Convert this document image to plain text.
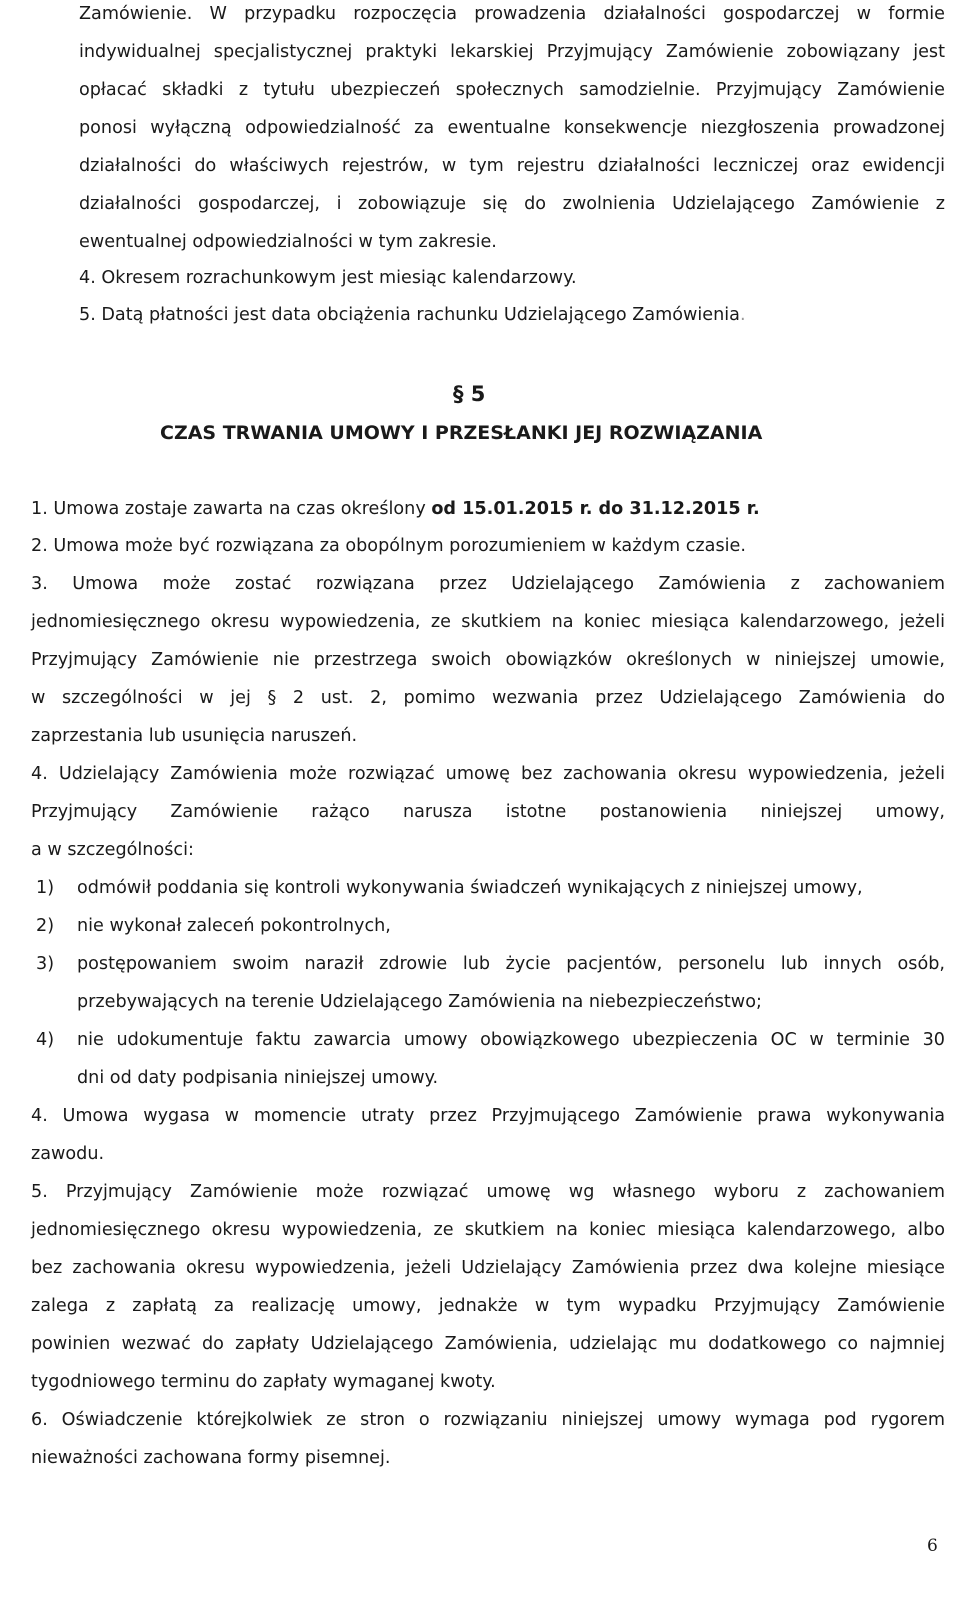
Zamówienie. W przypadku rozpoczęcia prowadzenia działalności gospodarczej w formie
indywidualnej specjalistycznej praktyki lekarskiej Przyjmujący Zamówienie zobowiązany jest
opłacać składki z tytułu ubezpieczeń społecznych samodzielnie. Przyjmujący Zamówienie
ponosi wyłączną odpowiedzialność za ewentualne konsekwencje niezgłoszenia prowadzonej
działalności do właściwych rejestrów, w tym rejestru działalności leczniczej oraz ewidencji
działalności gospodarczej, i zobowiązuje się do zwolnienia Udzielającego Zamówienie z
ewentualnej odpowiedzialności w tym zakresie.
4. Okresem rozrachunkowym jest miesiąc kalendarzowy.
5. Datą płatności jest data obciążenia rachunku Udzielającego Zamówienia.
§ 5
CZAS TRWANIA UMOWY I PRZESŁANKI JEJ ROZWIĄZANIA
1. Umowa zostaje zawarta na czas określony od 15.01.2015 r. do 31.12.2015 r.
2. Umowa może być rozwiązana za obopólnym porozumieniem w każdym czasie.
3. Umowa może zostać rozwiązana przez Udzielającego Zamówienia z zachowaniem
jednomiesięcznego okresu wypowiedzenia, ze skutkiem na koniec miesiąca kalendarzowego, jeżeli
Przyjmujący Zamówienie nie przestrzega swoich obowiązków określonych w niniejszej umowie,
w szczególności w jej § 2 ust. 2, pomimo wezwania przez Udzielającego Zamówienia do
zaprzestania lub usunięcia naruszeń.
4. Udzielający Zamówienia może rozwiązać umowę bez zachowania okresu wypowiedzenia, jeżeli
Przyjmujący Zamówienie rażąco narusza istotne postanowienia niniejszej umowy,
a w szczególności:
1) odmówił poddania się kontroli wykonywania świadczeń wynikających z niniejszej umowy,
2) nie wykonał zaleceń pokontrolnych,
3) postępowaniem swoim naraził zdrowie lub życie pacjentów, personelu lub innych osób,
przebywających na terenie Udzielającego Zamówienia na niebezpieczeństwo;
4) nie udokumentuje faktu zawarcia umowy obowiązkowego ubezpieczenia OC w terminie 30
dni od daty podpisania niniejszej umowy.
4. Umowa wygasa w momencie utraty przez Przyjmującego Zamówienie prawa wykonywania
zawodu.
5. Przyjmujący Zamówienie może rozwiązać umowę wg własnego wyboru z zachowaniem
jednomiesięcznego okresu wypowiedzenia, ze skutkiem na koniec miesiąca kalendarzowego, albo
bez zachowania okresu wypowiedzenia, jeżeli Udzielający Zamówienia przez dwa kolejne miesiące
zalega z zapłatą za realizację umowy, jednakże w tym wypadku Przyjmujący Zamówienie
powinien wezwać do zapłaty Udzielającego Zamówienia, udzielając mu dodatkowego co najmniej
tygodniowego terminu do zapłaty wymaganej kwoty.
6. Oświadczenie którejkolwiek ze stron o rozwiązaniu niniejszej umowy wymaga pod rygorem
nieważności zachowana formy pisemnej.
6
